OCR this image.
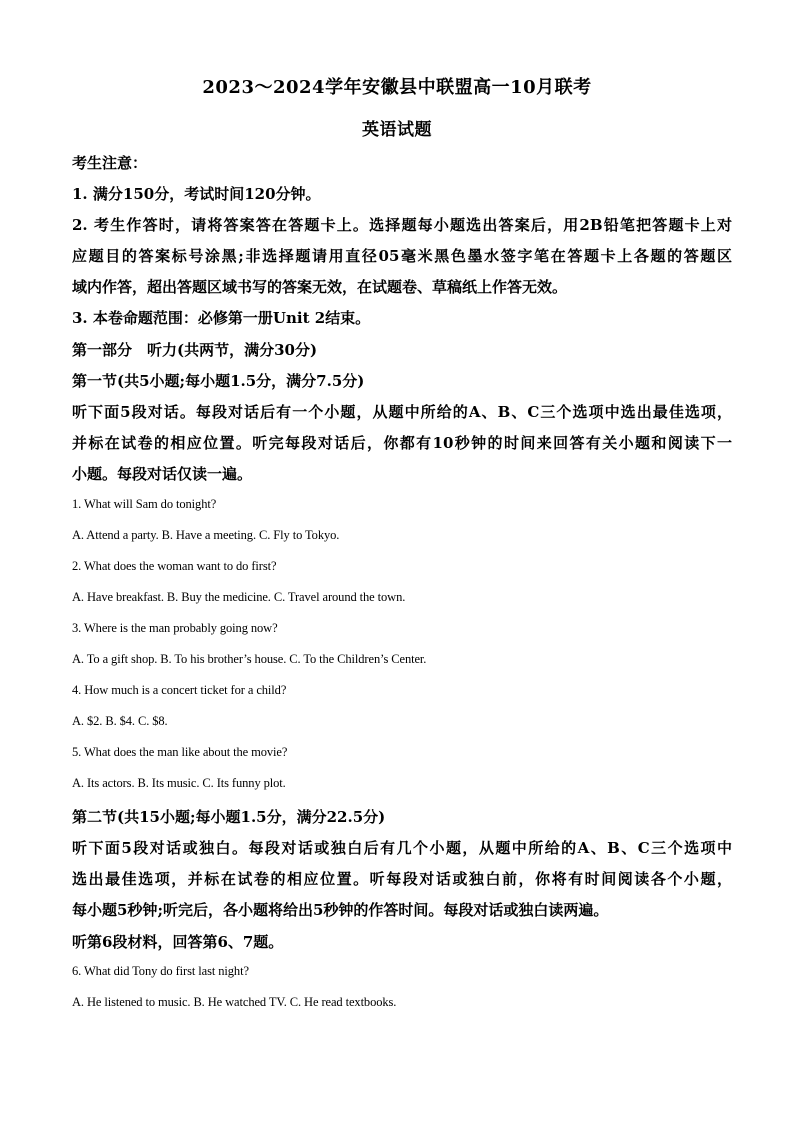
2023～2024学年安徽县中联盟高一10月联考
英语试题
考生注意：
1. 满分150分，考试时间120分钟。
2. 考生作答时，请将答案答在答题卡上。选择题每小题选出答案后，用2B铅笔把答题卡上对
应题目的答案标号涂黑;非选择题请用直径05毫米黑色墨水签字笔在答题卡上各题的答题区
域内作答，超出答题区域书写的答案无效，在试题卷、草稿纸上作答无效。
3. 本卷命题范围：必修第一册Unit 2结束。
第一部分　听力(共两节，满分30分)
第一节(共5小题;每小题1.5分，满分7.5分)
听下面5段对话。每段对话后有一个小题，从题中所给的A、B、C三个选项中选出最佳选项，
并标在试卷的相应位置。听完每段对话后，你都有10秒钟的时间来回答有关小题和阅读下一
小题。每段对话仅读一遍。
1. What will Sam do tonight?
A. Attend a party. B. Have a meeting. C. Fly to Tokyo.
2. What does the woman want to do first?
A. Have breakfast. B. Buy the medicine. C. Travel around the town.
3. Where is the man probably going now?
A. To a gift shop. B. To his brother’s house. C. To the Children’s Center.
4. How much is a concert ticket for a child?
A. $2. B. $4. C. $8.
5. What does the man like about the movie?
A. Its actors. B. Its music. C. Its funny plot.
第二节(共15小题;每小题1.5分，满分22.5分)
听下面5段对话或独白。每段对话或独白后有几个小题，从题中所给的A、B、C三个选项中
选出最佳选项，并标在试卷的相应位置。听每段对话或独白前，你将有时间阅读各个小题，
每小题5秒钟;听完后，各小题将给出5秒钟的作答时间。每段对话或独白读两遍。
听第6段材料，回答第6、7题。
6. What did Tony do first last night?
A. He listened to music. B. He watched TV. C. He read textbooks.
